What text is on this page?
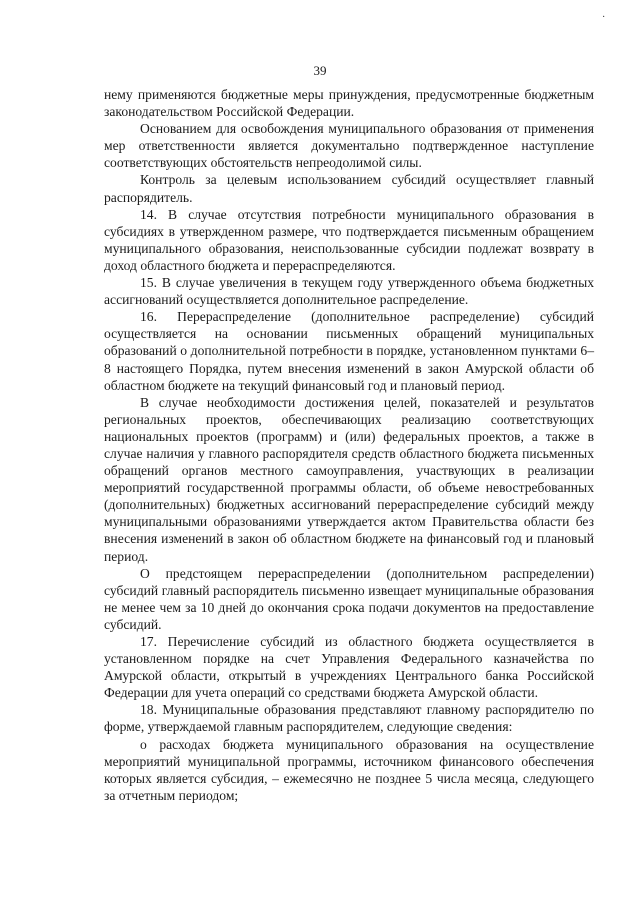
·
39

нему применяются бюджетные меры принуждения, предусмотренные бюджетным законодательством Российской Федерации.

Основанием для освобождения муниципального образования от применения мер ответственности является документально подтвержденное наступление соответствующих обстоятельств непреодолимой силы.

Контроль за целевым использованием субсидий осуществляет главный распорядитель.

14. В случае отсутствия потребности муниципального образования в субсидиях в утвержденном размере, что подтверждается письменным обращением муниципального образования, неиспользованные субсидии подлежат возврату в доход областного бюджета и перераспределяются.

15. В случае увеличения в текущем году утвержденного объема бюджетных ассигнований осуществляется дополнительное распределение.

16. Перераспределение (дополнительное распределение) субсидий осуществляется на основании письменных обращений муниципальных образований о дополнительной потребности в порядке, установленном пунктами 6–8 настоящего Порядка, путем внесения изменений в закон Амурской области об областном бюджете на текущий финансовый год и плановый период.

В случае необходимости достижения целей, показателей и результатов региональных проектов, обеспечивающих реализацию соответствующих национальных проектов (программ) и (или) федеральных проектов, а также в случае наличия у главного распорядителя средств областного бюджета письменных обращений органов местного самоуправления, участвующих в реализации мероприятий государственной программы области, об объеме невостребованных (дополнительных) бюджетных ассигнований перераспределение субсидий между муниципальными образованиями утверждается актом Правительства области без внесения изменений в закон об областном бюджете на финансовый год и плановый период.

О предстоящем перераспределении (дополнительном распределении) субсидий главный распорядитель письменно извещает муниципальные образования не менее чем за 10 дней до окончания срока подачи документов на предоставление субсидий.

17. Перечисление субсидий из областного бюджета осуществляется в установленном порядке на счет Управления Федерального казначейства по Амурской области, открытый в учреждениях Центрального банка Российской Федерации для учета операций со средствами бюджета Амурской области.

18. Муниципальные образования представляют главному распорядителю по форме, утверждаемой главным распорядителем, следующие сведения:

о расходах бюджета муниципального образования на осуществление мероприятий муниципальной программы, источником финансового обеспечения которых является субсидия, – ежемесячно не позднее 5 числа месяца, следующего за отчетным периодом;
